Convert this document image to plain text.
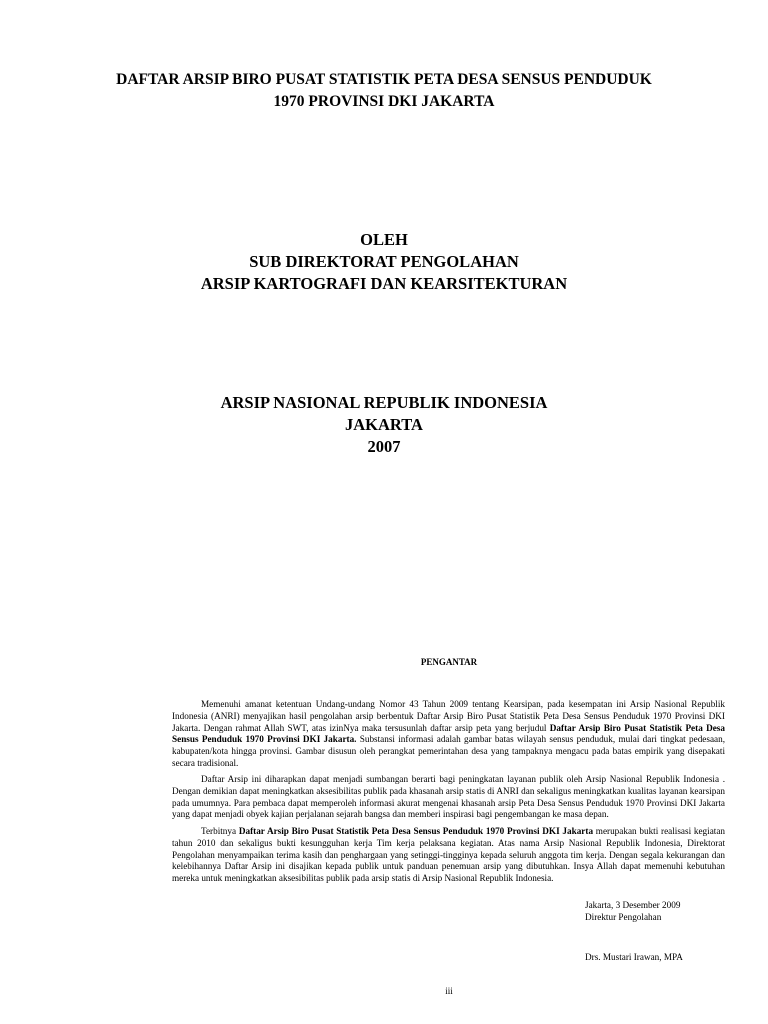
DAFTAR ARSIP BIRO PUSAT STATISTIK PETA DESA SENSUS PENDUDUK

1970 PROVINSI DKI JAKARTA

OLEH

SUB DIREKTORAT PENGOLAHAN

ARSIP KARTOGRAFI DAN KEARSITEKTURAN

ARSIP NASIONAL REPUBLIK INDONESIA

JAKARTA

2007

PENGANTAR

Memenuhi amanat ketentuan Undang-undang Nomor 43 Tahun 2009 tentang Kearsipan, pada kesempatan ini Arsip Nasional Republik Indonesia (ANRI) menyajikan hasil pengolahan arsip berbentuk Daftar Arsip Biro Pusat Statistik Peta Desa Sensus Penduduk 1970 Provinsi DKI Jakarta. Dengan rahmat Allah SWT, atas izinNya maka tersusunlah daftar arsip peta yang berjudul Daftar Arsip Biro Pusat Statistik Peta Desa Sensus Penduduk 1970 Provinsi DKI Jakarta. Substansi informasi adalah gambar batas wilayah sensus penduduk, mulai dari tingkat pedesaan, kabupaten/kota hingga provinsi. Gambar disusun oleh perangkat pemerintahan desa yang tampaknya mengacu pada batas empirik yang disepakati secara tradisional.

Daftar Arsip ini diharapkan dapat menjadi sumbangan berarti bagi peningkatan layanan publik oleh Arsip Nasional Republik Indonesia . Dengan demikian dapat meningkatkan aksesibilitas publik pada khasanah arsip statis di ANRI dan sekaligus meningkatkan kualitas layanan kearsipan pada umumnya. Para pembaca dapat memperoleh informasi akurat mengenai khasanah arsip Peta Desa Sensus Penduduk 1970 Provinsi DKI Jakarta yang dapat menjadi obyek kajian perjalanan sejarah bangsa dan memberi inspirasi bagi pengembangan ke masa depan.

Terbitnya Daftar Arsip Biro Pusat Statistik Peta Desa Sensus Penduduk 1970 Provinsi DKI Jakarta merupakan bukti realisasi kegiatan tahun 2010 dan sekaligus bukti kesungguhan kerja Tim kerja pelaksana kegiatan. Atas nama Arsip Nasional Republik Indonesia, Direktorat Pengolahan menyampaikan terima kasih dan penghargaan yang setinggi-tingginya kepada seluruh anggota tim kerja. Dengan segala kekurangan dan kelebihannya Daftar Arsip ini disajikan kepada publik untuk panduan penemuan arsip yang dibutuhkan. Insya Allah dapat memenuhi kebutuhan mereka untuk meningkatkan aksesibilitas publik pada arsip statis di Arsip Nasional Republik Indonesia.

Jakarta, 3 Desember 2009

Direktur Pengolahan

Drs. Mustari Irawan, MPA

iii
